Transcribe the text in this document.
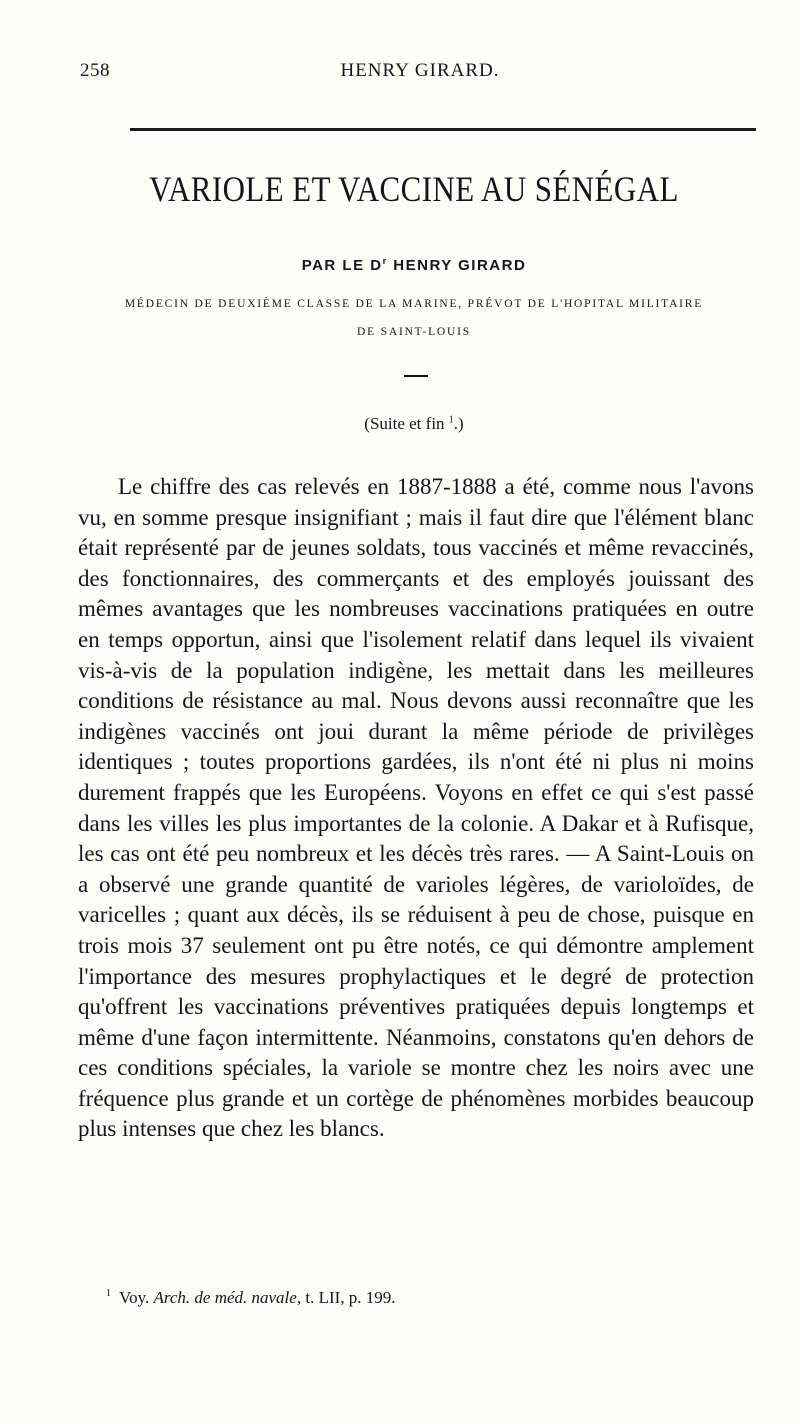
258	HENRY GIRARD.
VARIOLE ET VACCINE AU SÉNÉGAL
PAR LE $D^r$ HENRY GIRARD
MÉDECIN DE DEUXIÈME CLASSE DE LA MARINE, PRÉVOT DE L'HOPITAL MILITAIRE
DE SAINT-LOUIS
(Suite et fin $^1$.)

Le chiffre des cas relevés en 1887-1888 a été, comme nous l'avons vu, en somme presque insignifiant ; mais il faut dire que l'élément blanc était représenté par de jeunes soldats, tous vaccinés et même revaccinés, des fonctionnaires, des commerçants et des employés jouissant des mêmes avantages que les nombreuses vaccinations pratiquées en outre en temps opportun, ainsi que l'isolement relatif dans lequel ils vivaient vis-à-vis de la population indigène, les mettait dans les meilleures conditions de résistance au mal. Nous devons aussi reconnaître que les indigènes vaccinés ont joui durant la même période de privilèges identiques ; toutes proportions gardées, ils n'ont été ni plus ni moins durement frappés que les Européens. Voyons en effet ce qui s'est passé dans les villes les plus importantes de la colonie. A Dakar et à Rufisque, les cas ont été peu nombreux et les décès très rares. — A Saint-Louis on a observé une grande quantité de varioles légères, de varioloïdes, de varicelles ; quant aux décès, ils se réduisent à peu de chose, puisque en trois mois 37 seulement ont pu être notés, ce qui démontre amplement l'importance des mesures prophylactiques et le degré de protection qu'offrent les vaccinations préventives pratiquées depuis longtemps et même d'une façon intermittente. Néanmoins, constatons qu'en dehors de ces conditions spéciales, la variole se montre chez les noirs avec une fréquence plus grande et un cortège de phénomènes morbides beaucoup plus intenses que chez les blancs.

$^1$ Voy. Arch. de méd. navale, t. LII, p. 199.
